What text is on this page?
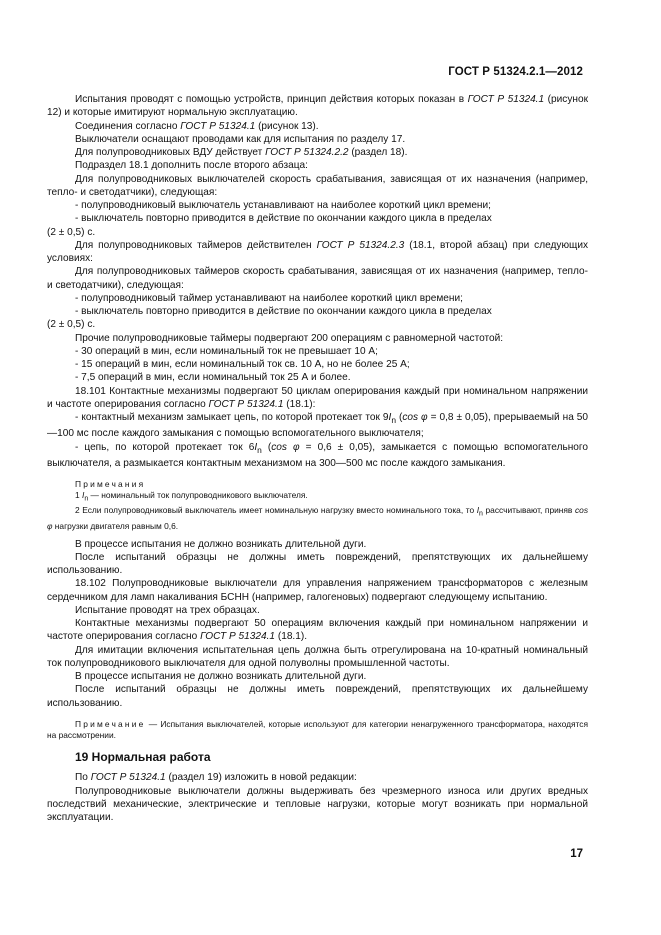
ГОСТ Р 51324.2.1—2012

Испытания проводят с помощью устройств, принцип действия которых показан в ГОСТ Р 51324.1 (рисунок 12) и которые имитируют нормальную эксплуатацию.

Соединения согласно ГОСТ Р 51324.1 (рисунок 13).

Выключатели оснащают проводами как для испытания по разделу 17.

Для полупроводниковых ВДУ действует ГОСТ Р 51324.2.2 (раздел 18).

Подраздел 18.1 дополнить после второго абзаца:

Для полупроводниковых выключателей скорость срабатывания, зависящая от их назначения (например, тепло- и светодатчики), следующая:

- полупроводниковый выключатель устанавливают на наиболее короткий цикл времени;

- выключатель повторно приводится в действие по окончании каждого цикла в пределах

(2 ± 0,5) с.

Для полупроводниковых таймеров действителен ГОСТ Р 51324.2.3 (18.1, второй абзац) при следующих условиях:

Для полупроводниковых таймеров скорость срабатывания, зависящая от их назначения (например, тепло- и светодатчики), следующая:

- полупроводниковый таймер устанавливают на наиболее короткий цикл времени;

- выключатель повторно приводится в действие по окончании каждого цикла в пределах

(2 ± 0,5) с.

Прочие полупроводниковые таймеры подвергают 200 операциям с равномерной частотой:

- 30 операций в мин, если номинальный ток не превышает 10 А;

- 15 операций в мин, если номинальный ток св. 10 А, но не более 25 А;

- 7,5 операций в мин, если номинальный ток 25 А и более.

18.101 Контактные механизмы подвергают 50 циклам оперирования каждый при номинальном напряжении и частоте оперирования согласно ГОСТ Р 51324.1 (18.1):

- контактный механизм замыкает цепь, по которой протекает ток $9I_n$ (cos φ = 0,8 ± 0,05), прерываемый на 50—100 мс после каждого замыкания с помощью вспомогательного выключателя;

- цепь, по которой протекает ток $6I_n$ (cos φ = 0,6 ± 0,05), замыкается с помощью вспомогательного выключателя, а размыкается контактным механизмом на 300—500 мс после каждого замыкания.

Примечания

1 $I_n$ — номинальный ток полупроводникового выключателя.

2 Если полупроводниковый выключатель имеет номинальную нагрузку вместо номинального тока, то $I_n$ рассчитывают, приняв cos φ нагрузки двигателя равным 0,6.

В процессе испытания не должно возникать длительной дуги.

После испытаний образцы не должны иметь повреждений, препятствующих их дальнейшему использованию.

18.102 Полупроводниковые выключатели для управления напряжением трансформаторов с железным сердечником для ламп накаливания БСНН (например, галогеновых) подвергают следующему испытанию.

Испытание проводят на трех образцах.

Контактные механизмы подвергают 50 операциям включения каждый при номинальном напряжении и частоте оперирования согласно ГОСТ Р 51324.1 (18.1).

Для имитации включения испытательная цепь должна быть отрегулирована на 10-кратный номинальный ток полупроводникового выключателя для одной полуволны промышленной частоты.

В процессе испытания не должно возникать длительной дуги.

После испытаний образцы не должны иметь повреждений, препятствующих их дальнейшему использованию.

Примечание — Испытания выключателей, которые используют для категории ненагруженного трансформатора, находятся на рассмотрении.

19 Нормальная работа

По ГОСТ Р 51324.1 (раздел 19) изложить в новой редакции:

Полупроводниковые выключатели должны выдерживать без чрезмерного износа или других вредных последствий механические, электрические и тепловые нагрузки, которые могут возникать при нормальной эксплуатации.

17
